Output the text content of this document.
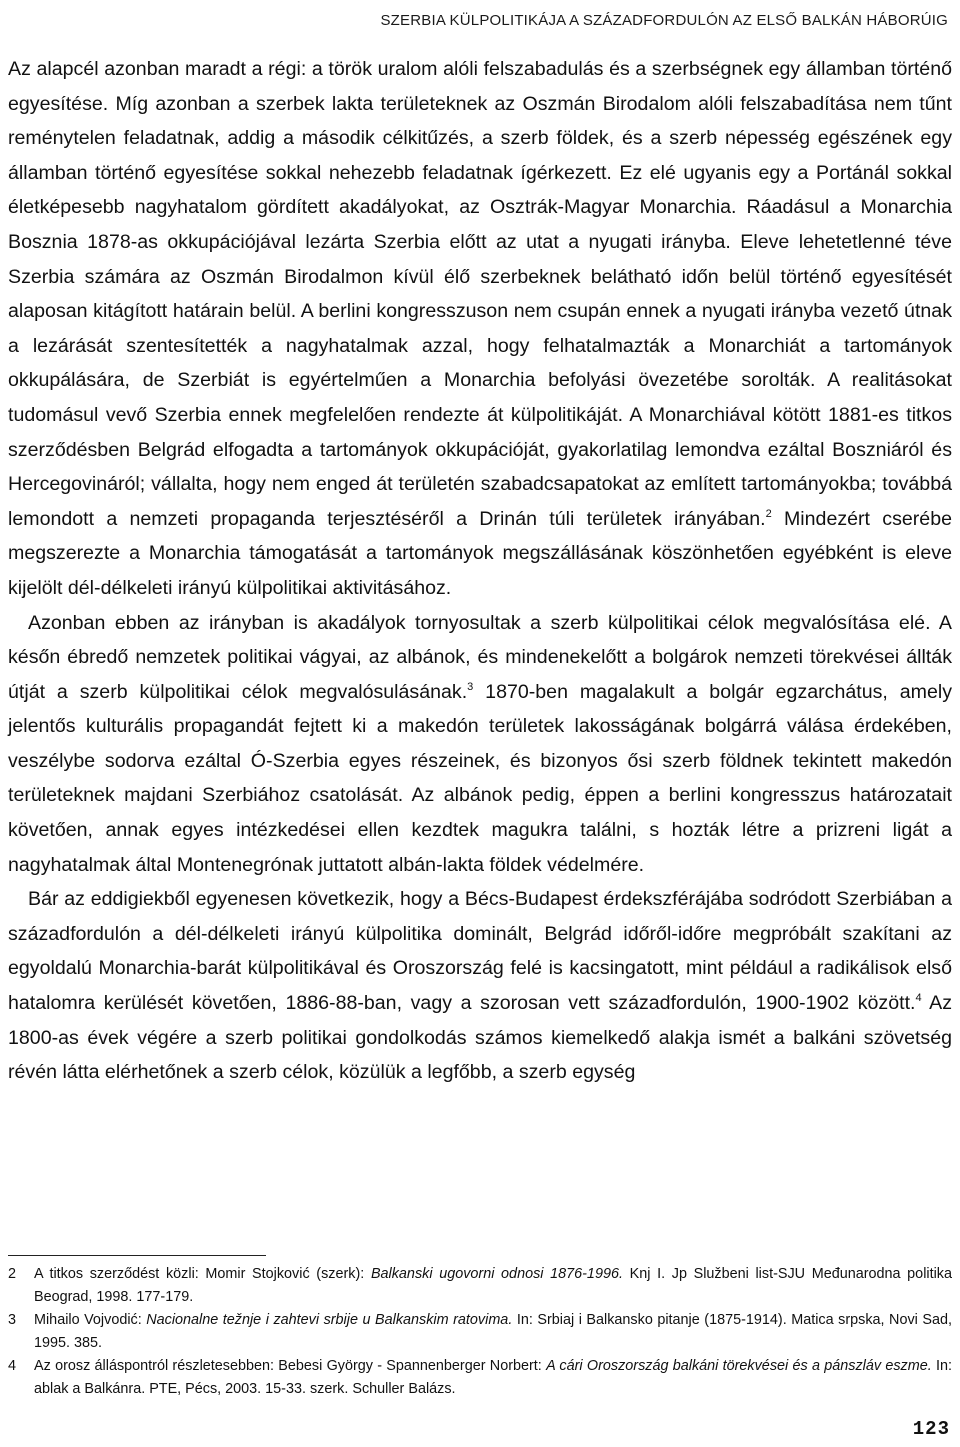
SZERBIA KÜLPOLITIKÁJA A SZÁZADFORDULÓN AZ ELSŐ BALKÁN HÁBORÚIG

Az alapcél azonban maradt a régi: a török uralom alóli felszabadulás és a szerbségnek egy államban történő egyesítése. Míg azonban a szerbek lakta területeknek az Oszmán Birodalom alóli felszabadítása nem tűnt reménytelen feladatnak, addig a második célkitűzés, a szerb földek, és a szerb népesség egészének egy államban történő egyesítése sokkal nehezebb feladatnak ígérkezett. Ez elé ugyanis egy a Portánál sokkal életképesebb nagyhatalom gördített akadályokat, az Osztrák-Magyar Monarchia. Ráadásul a Monarchia Bosznia 1878-as okkupációjával lezárta Szerbia előtt az utat a nyugati irányba. Eleve lehetetlenné téve Szerbia számára az Oszmán Birodalmon kívül élő szerbeknek belátható időn belül történő egyesítését alaposan kitágított határain belül. A berlini kongresszuson nem csupán ennek a nyugati irányba vezető útnak a lezárását szentesítették a nagyhatalmak azzal, hogy felhatalmazták a Monarchiát a tartományok okkupálására, de Szerbiát is egyértelműen a Monarchia befolyási övezetébe sorolták. A realitásokat tudomásul vevő Szerbia ennek megfelelően rendezte át külpolitikáját. A Monarchiával kötött 1881-es titkos szerződésben Belgrád elfogadta a tartományok okkupációját, gyakorlatilag lemondva ezáltal Boszniáról és Hercegovináról; vállalta, hogy nem enged át területén szabadcsapatokat az említett tartományokba; továbbá lemondott a nemzeti propaganda terjesztéséről a Drinán túli területek irányában.$^2$ Mindezért cserébe megszerezte a Monarchia támogatását a tartományok megszállásának köszönhetően egyébként is eleve kijelölt dél-délkeleti irányú külpolitikai aktivitásához.

Azonban ebben az irányban is akadályok tornyosultak a szerb külpolitikai célok megvalósítása elé. A későn ébredő nemzetek politikai vágyai, az albánok, és mindenekelőtt a bolgárok nemzeti törekvései állták útját a szerb külpolitikai célok megvalósulásának.$^3$ 1870-ben magalakult a bolgár egzarchátus, amely jelentős kulturális propagandát fejtett ki a makedón területek lakosságának bolgárrá válása érdekében, veszélybe sodorva ezáltal Ó-Szerbia egyes részeinek, és bizonyos ősi szerb földnek tekintett makedón területeknek majdani Szerbiához csatolását. Az albánok pedig, éppen a berlini kongresszus határozatait követően, annak egyes intézkedései ellen kezdtek magukra találni, s hozták létre a prizreni ligát a nagyhatalmak által Montenegrónak juttatott albán-lakta földek védelmére.

Bár az eddigiekből egyenesen következik, hogy a Bécs-Budapest érdekszférájába sodródott Szerbiában a századfordulón a dél-délkeleti irányú külpolitika dominált, Belgrád időről-időre megpróbált szakítani az egyoldalú Monarchia-barát külpolitikával és Oroszország felé is kacsingatott, mint például a radikálisok első hatalomra kerülését követően, 1886-88-ban, vagy a szorosan vett századfordulón, 1900-1902 között.$^4$ Az 1800-as évek végére a szerb politikai gondolkodás számos kiemelkedő alakja ismét a balkáni szövetség révén látta elérhetőnek a szerb célok, közülük a legfőbb, a szerb egység

2 A titkos szerződést közli: Momir Stojković (szerk): Balkanski ugovorni odnosi 1876-1996. Knj I. Jp Službeni list-SJU Međunarodna politika Beograd, 1998. 177-179.
3 Mihailo Vojvodić: Nacionalne težnje i zahtevi srbije u Balkanskim ratovima. In: Srbiaj i Balkansko pitanje (1875-1914). Matica srpska, Novi Sad, 1995. 385.
4 Az orosz álláspontról részletesebben: Bebesi György - Spannenberger Norbert: A cári Oroszország balkáni törekvései és a pánszláv eszme. In: ablak a Balkánra. PTE, Pécs, 2003. 15-33. szerk. Schuller Balázs.
123
